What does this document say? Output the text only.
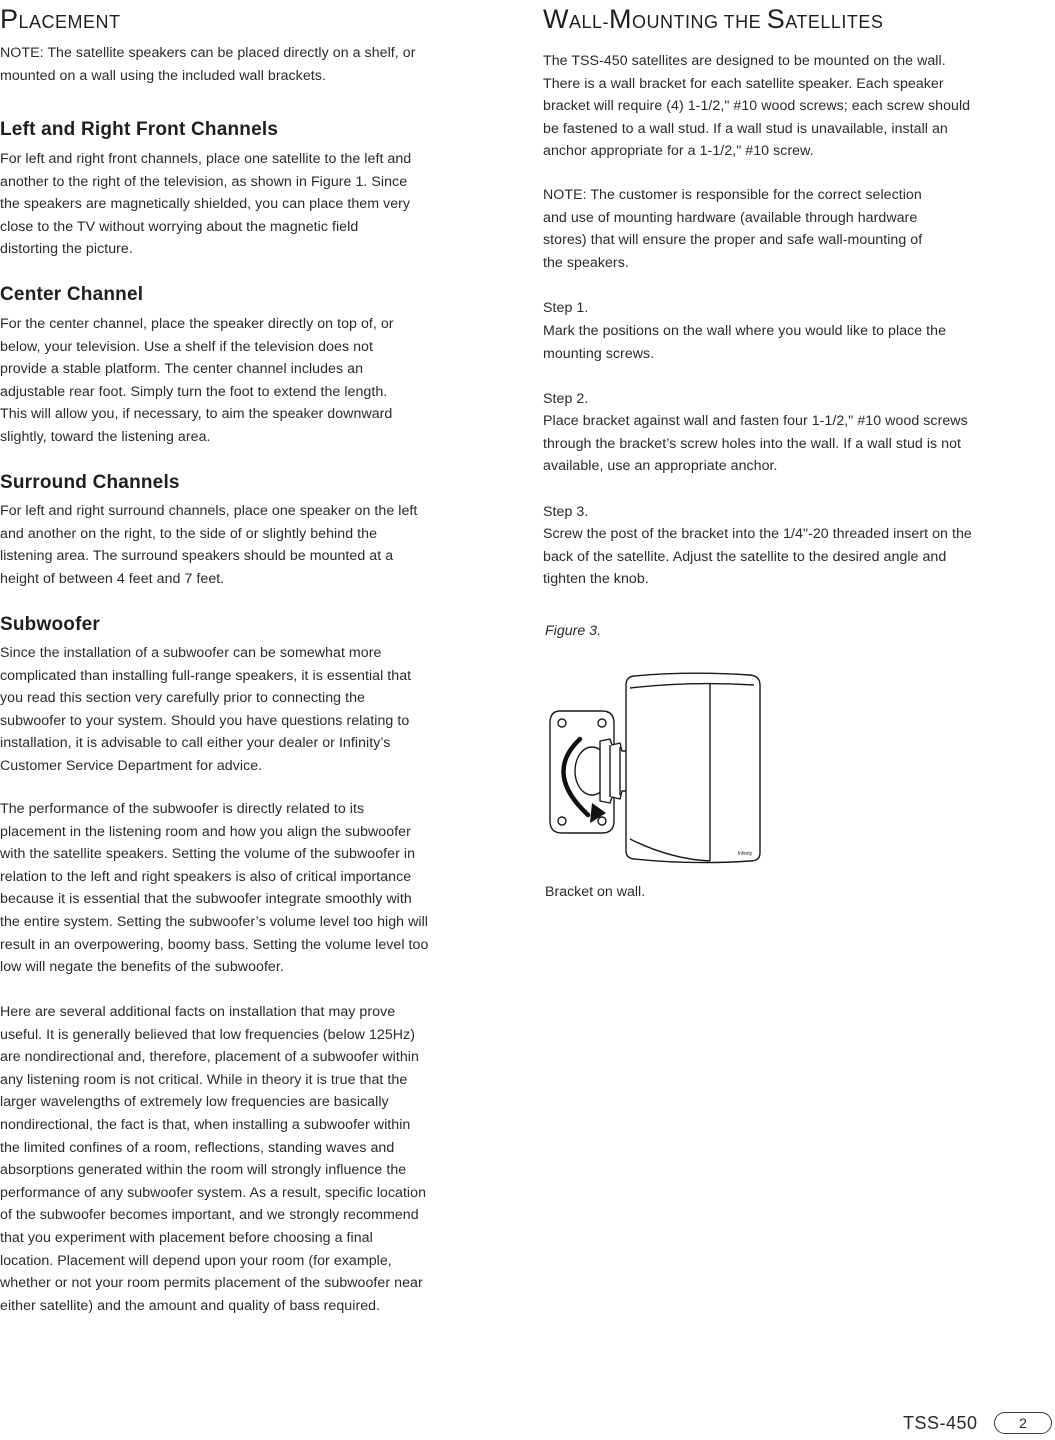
PLACEMENT

NOTE: The satellite speakers can be placed directly on a shelf, or mounted on a wall using the included wall brackets.

Left and Right Front Channels

For left and right front channels, place one satellite to the left and another to the right of the television, as shown in Figure 1. Since the speakers are magnetically shielded, you can place them very close to the TV without worrying about the magnetic field distorting the picture.

Center Channel

For the center channel, place the speaker directly on top of, or below, your television. Use a shelf if the television does not provide a stable platform. The center channel includes an adjustable rear foot. Simply turn the foot to extend the length. This will allow you, if necessary, to aim the speaker downward slightly, toward the listening area.

Surround Channels

For left and right surround channels, place one speaker on the left and another on the right, to the side of or slightly behind the listening area. The surround speakers should be mounted at a height of between 4 feet and 7 feet.

Subwoofer

Since the installation of a subwoofer can be somewhat more complicated than installing full-range speakers, it is essential that you read this section very carefully prior to connecting the subwoofer to your system. Should you have questions relating to installation, it is advisable to call either your dealer or Infinity’s Customer Service Department for advice.

The performance of the subwoofer is directly related to its placement in the listening room and how you align the subwoofer with the satellite speakers. Setting the volume of the subwoofer in relation to the left and right speakers is also of critical importance because it is essential that the subwoofer integrate smoothly with the entire system. Setting the subwoofer’s volume level too high will result in an overpowering, boomy bass. Setting the volume level too low will negate the benefits of the subwoofer.

Here are several additional facts on installation that may prove useful. It is generally believed that low frequencies (below 125Hz) are nondirectional and, therefore, placement of a subwoofer within any listening room is not critical. While in theory it is true that the larger wavelengths of extremely low frequencies are basically nondirectional, the fact is that, when installing a subwoofer within the limited confines of a room, reflections, standing waves and absorptions generated within the room will strongly influence the performance of any subwoofer system. As a result, specific location of the subwoofer becomes important, and we strongly recommend that you experiment with placement before choosing a final location. Placement will depend upon your room (for example, whether or not your room permits placement of the subwoofer near either satellite) and the amount and quality of bass required.

WALL-MOUNTING THE SATELLITES

The TSS-450 satellites are designed to be mounted on the wall. There is a wall bracket for each satellite speaker. Each speaker bracket will require (4) 1-1/2," #10 wood screws; each screw should be fastened to a wall stud. If a wall stud is unavailable, install an anchor appropriate for a 1-1/2," #10 screw.

NOTE: The customer is responsible for the correct selection and use of mounting hardware (available through hardware stores) that will ensure the proper and safe wall-mounting of the speakers.

Step 1.

Mark the positions on the wall where you would like to place the mounting screws.

Step 2.

Place bracket against wall and fasten four 1-1/2," #10 wood screws through the bracket’s screw holes into the wall. If a wall stud is not available, use an appropriate anchor.

Step 3.

Screw the post of the bracket into the 1/4"-20 threaded insert on the back of the satellite. Adjust the satellite to the desired angle and tighten the knob.

Figure 3.

Infinity

Bracket on wall.

TSS-450	2
